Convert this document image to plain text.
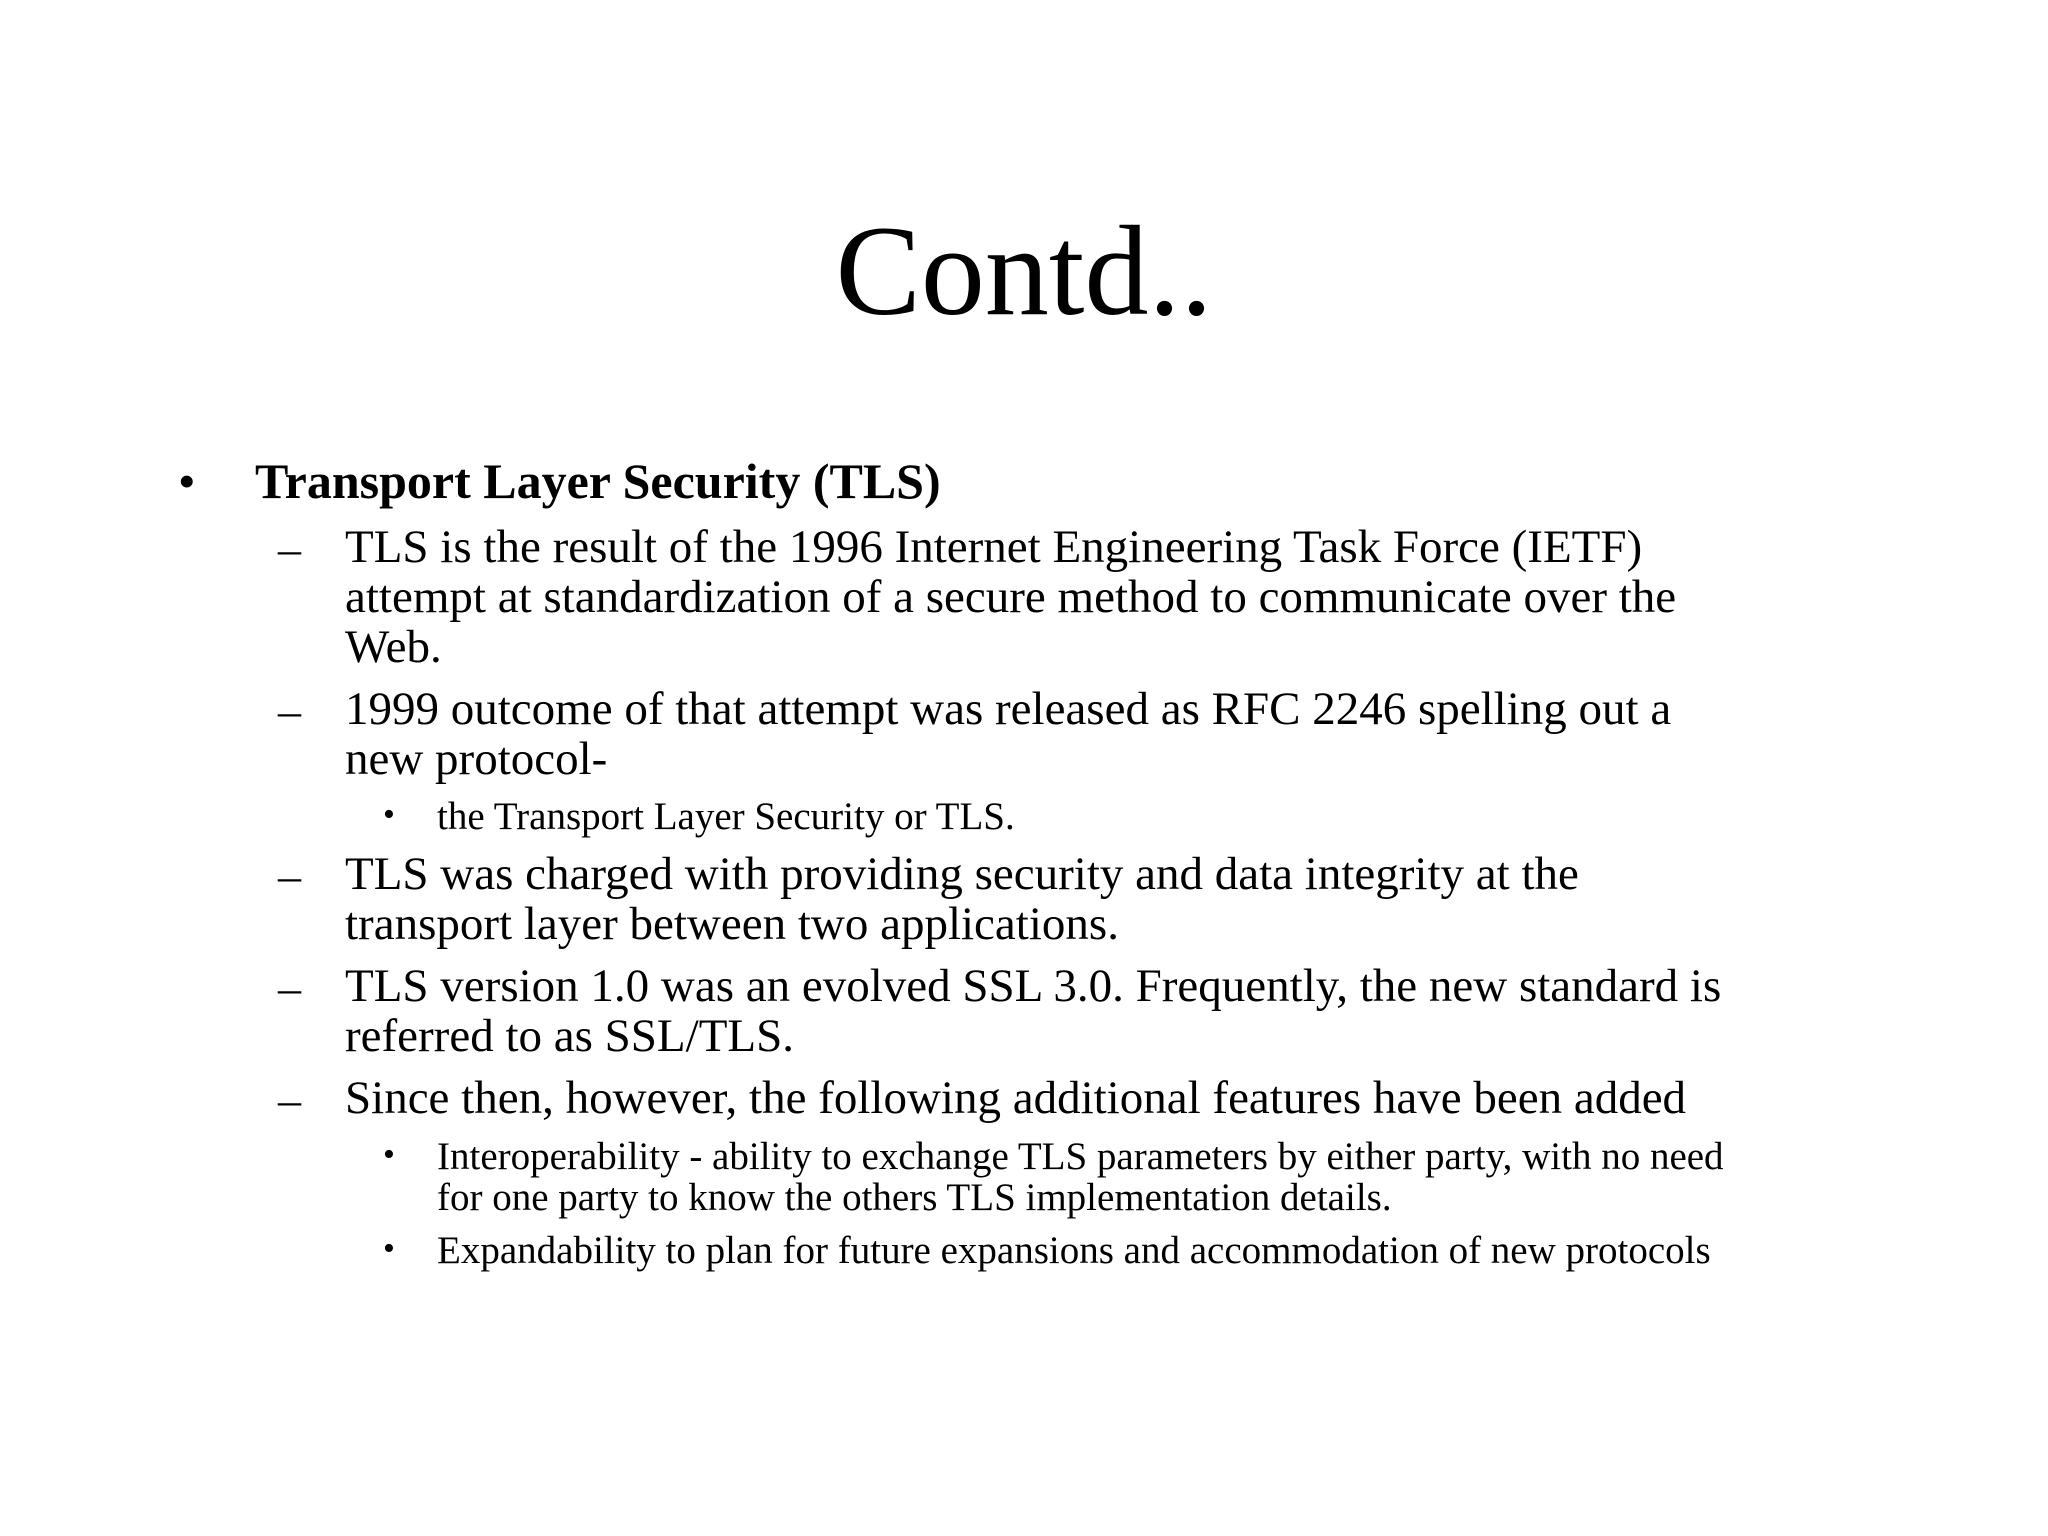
Contd..
• Transport Layer Security (TLS)
– TLS is the result of the 1996 Internet Engineering Task Force (IETF)
attempt at standardization of a secure method to communicate over the
Web.
– 1999 outcome of that attempt was released as RFC 2246 spelling out a
new protocol-
• the Transport Layer Security or TLS.
– TLS was charged with providing security and data integrity at the
transport layer between two applications.
– TLS version 1.0 was an evolved SSL 3.0. Frequently, the new standard is
referred to as SSL/TLS.
– Since then, however, the following additional features have been added
• Interoperability - ability to exchange TLS parameters by either party, with no need
for one party to know the others TLS implementation details.
• Expandability to plan for future expansions and accommodation of new protocols
